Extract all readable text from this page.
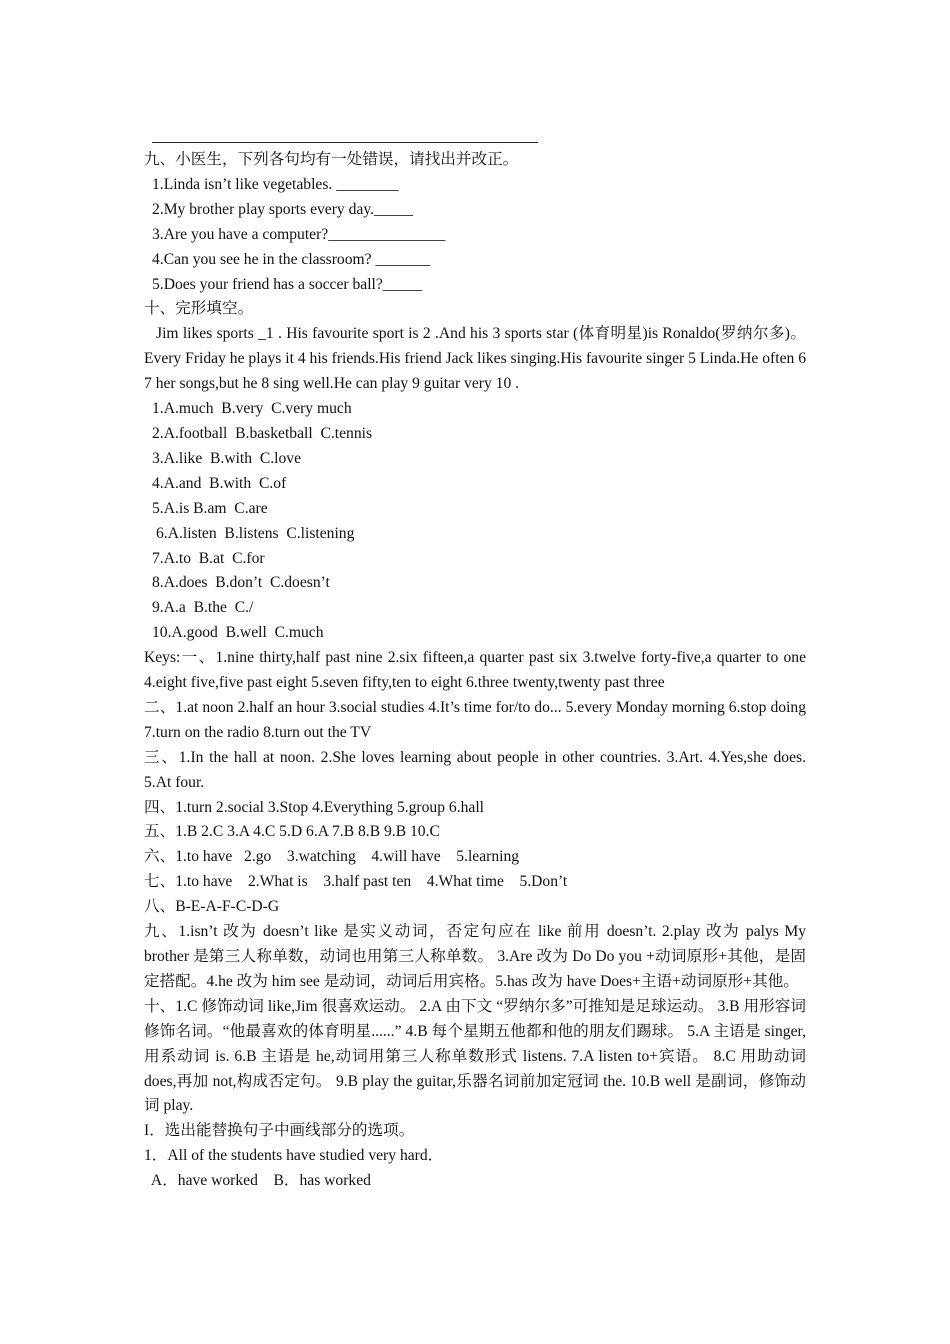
九、小医生，下列各句均有一处错误，请找出并改正。
1.Linda isn’t like vegetables. ________
2.My brother play sports every day._____
3.Are you have a computer?_______________
4.Can you see he in the classroom? _______
5.Does your friend has a soccer ball?_____
十、完形填空。
Jim likes sports _1 . His favourite sport is 2 .And his 3 sports star (体育明星)is Ronaldo(罗纳尔多)。Every Friday he plays it 4 his friends.His friend Jack likes singing.His favourite singer 5 Linda.He often 6 7 her songs,but he 8 sing well.He can play 9 guitar very 10 .
1.A.much  B.very  C.very much
2.A.football  B.basketball  C.tennis
3.A.like  B.with  C.love
4.A.and  B.with  C.of
5.A.is B.am  C.are
6.A.listen  B.listens  C.listening
7.A.to  B.at  C.for
8.A.does  B.don’t  C.doesn’t
9.A.a  B.the  C./
10.A.good  B.well  C.much
Keys:一、1.nine thirty,half past nine 2.six fifteen,a quarter past six 3.twelve forty-five,a quarter to one 4.eight five,five past eight 5.seven fifty,ten to eight 6.three twenty,twenty past three
二、1.at noon 2.half an hour 3.social studies 4.It’s time for/to do... 5.every Monday morning 6.stop doing 7.turn on the radio 8.turn out the TV
三、1.In the hall at noon. 2.She loves learning about people in other countries. 3.Art. 4.Yes,she does. 5.At four.
四、1.turn 2.social 3.Stop 4.Everything 5.group 6.hall
五、1.B 2.C 3.A 4.C 5.D 6.A 7.B 8.B 9.B 10.C
六、1.to have   2.go    3.watching    4.will have    5.learning
七、1.to have    2.What is    3.half past ten    4.What time    5.Don’t
八、B-E-A-F-C-D-G
九、1.isn’t 改为 doesn’t like 是实义动词，否定句应在 like 前用 doesn’t. 2.play 改为 palys My brother 是第三人称单数，动词也用第三人称单数。 3.Are 改为 Do Do you +动词原形+其他，是固定搭配。4.he 改为 him see 是动词，动词后用宾格。5.has 改为 have Does+主语+动词原形+其他。
十、1.C 修饰动词 like,Jim 很喜欢运动。 2.A 由下文 “罗纳尔多”可推知是足球运动。 3.B 用形容词修饰名词。“他最喜欢的体育明星......” 4.B 每个星期五他都和他的朋友们踢球。 5.A 主语是 singer,用系动词 is. 6.B 主语是 he,动词用第三人称单数形式 listens. 7.A listen to+宾语。 8.C 用助动词 does,再加 not,构成否定句。 9.B play the guitar,乐器名词前加定冠词 the. 10.B well 是副词，修饰动词 play.
I．选出能替换句子中画线部分的选项。
1．All of the students have studied very hard．
A．have worked    B．has worked
